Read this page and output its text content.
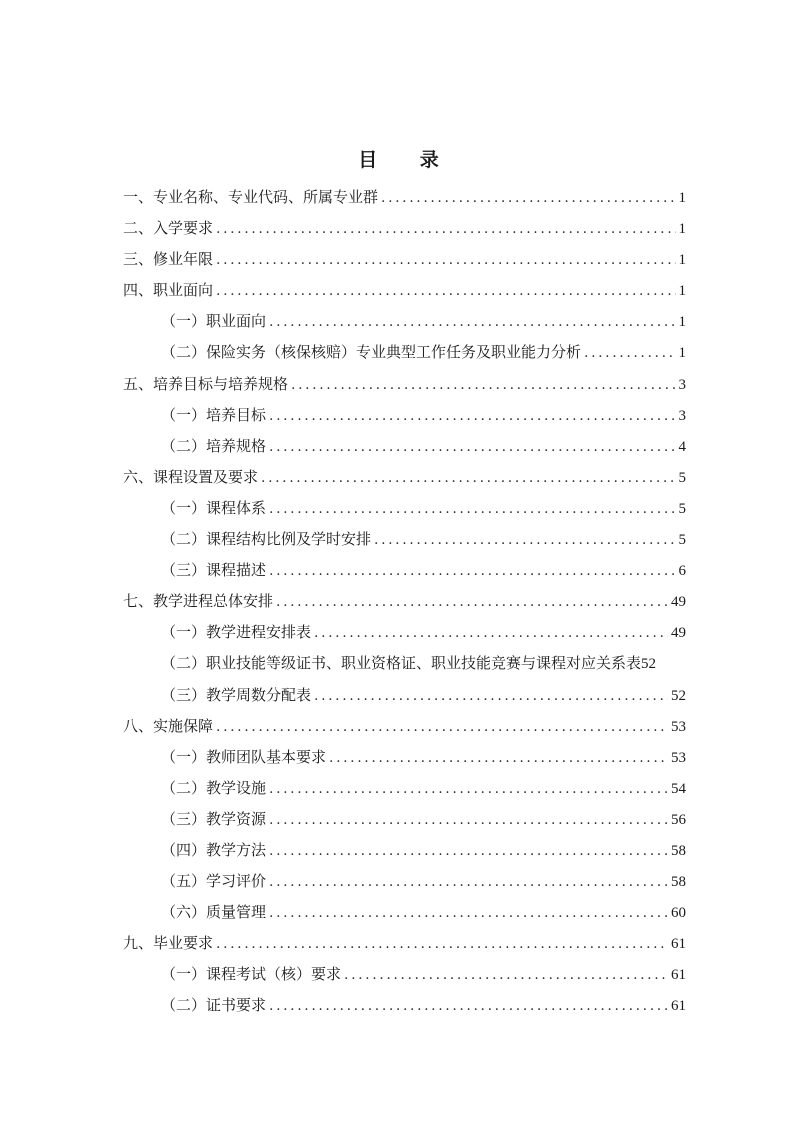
目 录
一、专业名称、专业代码、所属专业群 .....	1
二、入学要求 .....	1
三、修业年限 .....	1
四、职业面向 .....	1
（一）职业面向 .....	1
（二）保险实务（核保核赔）专业典型工作任务及职业能力分析 .....	1
五、培养目标与培养规格 .....	3
（一）培养目标 .....	3
（二）培养规格 .....	4
六、课程设置及要求 .....	5
（一）课程体系 .....	5
（二）课程结构比例及学时安排 .....	5
（三）课程描述 .....	6
七、教学进程总体安排 .....	49
（一）教学进程安排表 .....	49
（二）职业技能等级证书、职业资格证、职业技能竞赛与课程对应关系表 52
（三）教学周数分配表 .....	52
八、实施保障 .....	53
（一）教师团队基本要求 .....	53
（二）教学设施 .....	54
（三）教学资源 .....	56
（四）教学方法 .....	58
（五）学习评价 .....	58
（六）质量管理 .....	60
九、毕业要求 .....	61
（一）课程考试（核）要求 .....	61
（二）证书要求 .....	61
